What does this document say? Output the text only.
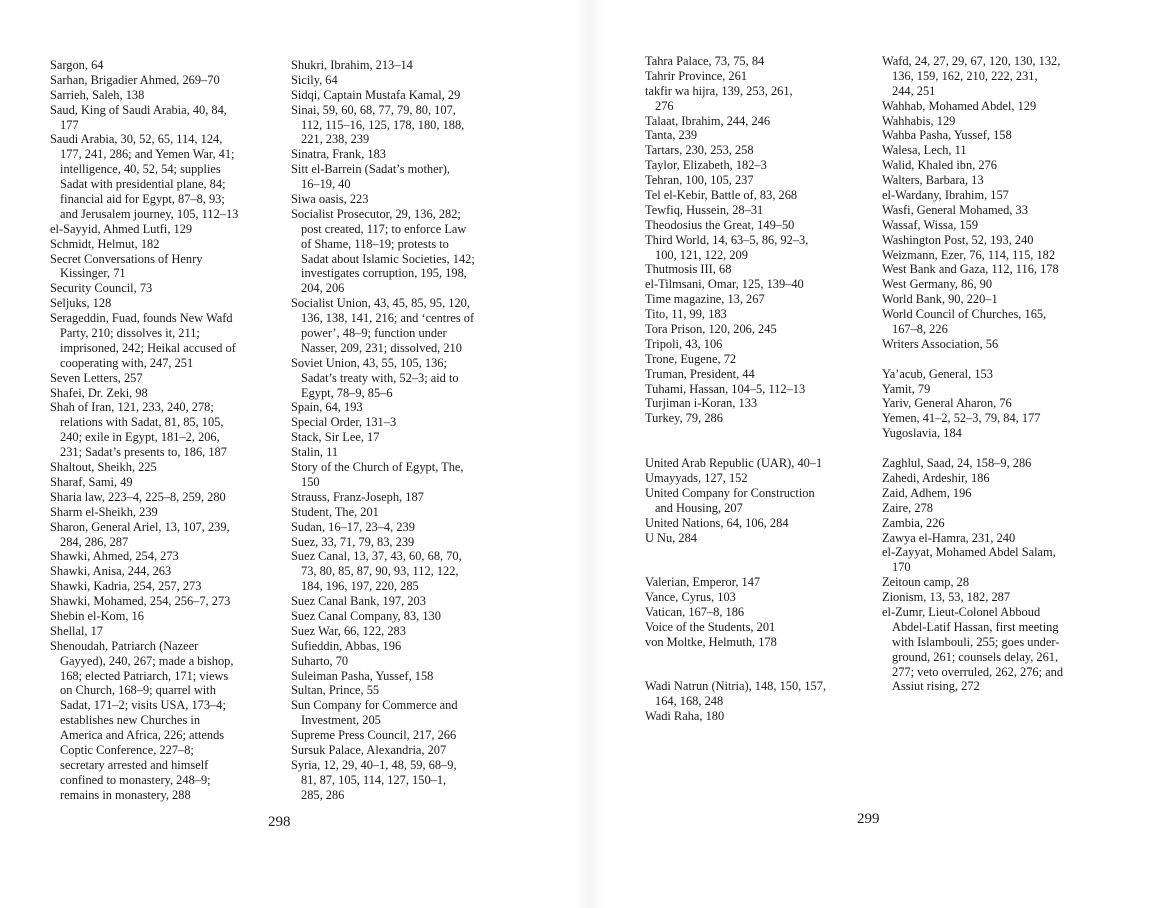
Sargon, 64
Sarhan, Brigadier Ahmed, 269–70
Sarrieh, Saleh, 138
Saud, King of Saudi Arabia, 40, 84,
177
Saudi Arabia, 30, 52, 65, 114, 124,
177, 241, 286; and Yemen War, 41;
intelligence, 40, 52, 54; supplies
Sadat with presidential plane, 84;
financial aid for Egypt, 87–8, 93;
and Jerusalem journey, 105, 112–13
el-Sayyid, Ahmed Lutfi, 129
Schmidt, Helmut, 182
Secret Conversations of Henry
Kissinger, 71
Security Council, 73
Seljuks, 128
Serageddin, Fuad, founds New Wafd
Party, 210; dissolves it, 211;
imprisoned, 242; Heikal accused of
cooperating with, 247, 251
Seven Letters, 257
Shafei, Dr. Zeki, 98
Shah of Iran, 121, 233, 240, 278;
relations with Sadat, 81, 85, 105,
240; exile in Egypt, 181–2, 206,
231; Sadat’s presents to, 186, 187
Shaltout, Sheikh, 225
Sharaf, Sami, 49
Sharia law, 223–4, 225–8, 259, 280
Sharm el-Sheikh, 239
Sharon, General Ariel, 13, 107, 239,
284, 286, 287
Shawki, Ahmed, 254, 273
Shawki, Anisa, 244, 263
Shawki, Kadria, 254, 257, 273
Shawki, Mohamed, 254, 256–7, 273
Shebin el-Kom, 16
Shellal, 17
Shenoudah, Patriarch (Nazeer
Gayyed), 240, 267; made a bishop,
168; elected Patriarch, 171; views
on Church, 168–9; quarrel with
Sadat, 171–2; visits USA, 173–4;
establishes new Churches in
America and Africa, 226; attends
Coptic Conference, 227–8;
secretary arrested and himself
confined to monastery, 248–9;
remains in monastery, 288
Shukri, Ibrahim, 213–14
Sicily, 64
Sidqi, Captain Mustafa Kamal, 29
Sinai, 59, 60, 68, 77, 79, 80, 107,
112, 115–16, 125, 178, 180, 188,
221, 238, 239
Sinatra, Frank, 183
Sitt el-Barrein (Sadat’s mother),
16–19, 40
Siwa oasis, 223
Socialist Prosecutor, 29, 136, 282;
post created, 117; to enforce Law
of Shame, 118–19; protests to
Sadat about Islamic Societies, 142;
investigates corruption, 195, 198,
204, 206
Socialist Union, 43, 45, 85, 95, 120,
136, 138, 141, 216; and ‘centres of
power’, 48–9; function under
Nasser, 209, 231; dissolved, 210
Soviet Union, 43, 55, 105, 136;
Sadat’s treaty with, 52–3; aid to
Egypt, 78–9, 85–6
Spain, 64, 193
Special Order, 131–3
Stack, Sir Lee, 17
Stalin, 11
Story of the Church of Egypt, The,
150
Strauss, Franz-Joseph, 187
Student, The, 201
Sudan, 16–17, 23–4, 239
Suez, 33, 71, 79, 83, 239
Suez Canal, 13, 37, 43, 60, 68, 70,
73, 80, 85, 87, 90, 93, 112, 122,
184, 196, 197, 220, 285
Suez Canal Bank, 197, 203
Suez Canal Company, 83, 130
Suez War, 66, 122, 283
Sufieddin, Abbas, 196
Suharto, 70
Suleiman Pasha, Yussef, 158
Sultan, Prince, 55
Sun Company for Commerce and
Investment, 205
Supreme Press Council, 217, 266
Sursuk Palace, Alexandria, 207
Syria, 12, 29, 40–1, 48, 59, 68–9,
81, 87, 105, 114, 127, 150–1,
285, 286
Tahra Palace, 73, 75, 84
Tahrir Province, 261
takfir wa hijra, 139, 253, 261,
276
Talaat, Ibrahim, 244, 246
Tanta, 239
Tartars, 230, 253, 258
Taylor, Elizabeth, 182–3
Tehran, 100, 105, 237
Tel el-Kebir, Battle of, 83, 268
Tewfiq, Hussein, 28–31
Theodosius the Great, 149–50
Third World, 14, 63–5, 86, 92–3,
100, 121, 122, 209
Thutmosis III, 68
el-Tilmsani, Omar, 125, 139–40
Time magazine, 13, 267
Tito, 11, 99, 183
Tora Prison, 120, 206, 245
Tripoli, 43, 106
Trone, Eugene, 72
Truman, President, 44
Tuhami, Hassan, 104–5, 112–13
Turjiman i-Koran, 133
Turkey, 79, 286
United Arab Republic (UAR), 40–1
Umayyads, 127, 152
United Company for Construction
and Housing, 207
United Nations, 64, 106, 284
U Nu, 284
Valerian, Emperor, 147
Vance, Cyrus, 103
Vatican, 167–8, 186
Voice of the Students, 201
von Moltke, Helmuth, 178
Wadi Natrun (Nitria), 148, 150, 157,
164, 168, 248
Wadi Raha, 180
Wafd, 24, 27, 29, 67, 120, 130, 132,
136, 159, 162, 210, 222, 231,
244, 251
Wahhab, Mohamed Abdel, 129
Wahhabis, 129
Wahba Pasha, Yussef, 158
Walesa, Lech, 11
Walid, Khaled ibn, 276
Walters, Barbara, 13
el-Wardany, Ibrahim, 157
Wasfi, General Mohamed, 33
Wassaf, Wissa, 159
Washington Post, 52, 193, 240
Weizmann, Ezer, 76, 114, 115, 182
West Bank and Gaza, 112, 116, 178
West Germany, 86, 90
World Bank, 90, 220–1
World Council of Churches, 165,
167–8, 226
Writers Association, 56
Ya’acub, General, 153
Yamit, 79
Yariv, General Aharon, 76
Yemen, 41–2, 52–3, 79, 84, 177
Yugoslavia, 184
Zaghlul, Saad, 24, 158–9, 286
Zahedi, Ardeshir, 186
Zaid, Adhem, 196
Zaire, 278
Zambia, 226
Zawya el-Hamra, 231, 240
el-Zayyat, Mohamed Abdel Salam,
170
Zeitoun camp, 28
Zionism, 13, 53, 182, 287
el-Zumr, Lieut-Colonel Abboud
Abdel-Latif Hassan, first meeting
with Islambouli, 255; goes under-
ground, 261; counsels delay, 261,
277; veto overruled, 262, 276; and
Assiut rising, 272
298	299
